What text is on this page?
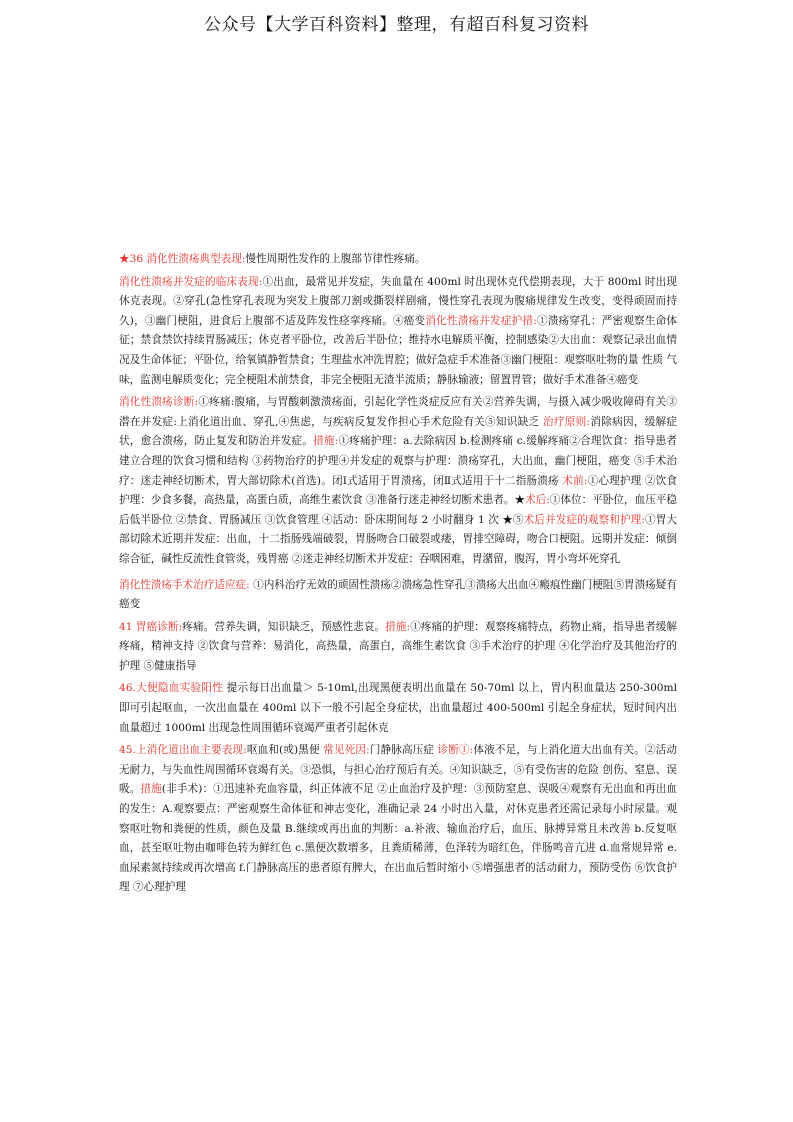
公众号【大学百科资料】整理，有超百科复习资料

★36 消化性溃疡典型表现:慢性周期性发作的上腹部节律性疼痛。

消化性溃疡并发症的临床表现:①出血，最常见并发症，失血量在 400ml 时出现休克代偿期表现，大于 800ml 时出现休克表现。②穿孔(急性穿孔表现为突发上腹部刀割或撕裂样剧痛，慢性穿孔表现为腹痛规律发生改变，变得顽固而持久)，③幽门梗阻，进食后上腹部不适及阵发性痉挛疼痛。④癌变消化性溃疡并发症护措:①溃疡穿孔：严密观察生命体征；禁食禁饮持续胃肠减压；休克者平卧位，改善后半卧位；维持水电解质平衡，控制感染②大出血：观察记录出血情况及生命体征；平卧位，给氧镇静暂禁食；生理盐水冲洗胃腔；做好急症手术准备③幽门梗阻：观察呕吐物的量 性质 气味，监测电解质变化；完全梗阻术前禁食，非完全梗阻无渣半流质；静脉输液；留置胃管；做好手术准备④癌变

消化性溃疡诊断:①疼痛:腹痛，与胃酸刺激溃疡面，引起化学性炎症反应有关②营养失调，与摄入减少吸收障碍有关③潜在并发症:上消化道出血、穿孔,④焦虑，与疾病反复发作担心手术危险有关⑤知识缺乏 治疗原则:消除病因，缓解症状，愈合溃疡，防止复发和防治并发症。措施:①疼痛护理：a.去除病因 b.检测疼痛 c.缓解疼痛②合理饮食：指导患者建立合理的饮食习惯和结构 ③药物治疗的护理④并发症的观察与护理：溃疡穿孔，大出血，幽门梗阻，癌变 ⑤手术治疗：迷走神经切断术，胃大部切除术(首选)。闭Ⅰ式适用于胃溃疡，闭Ⅱ式适用于十二指肠溃疡 术前:①心理护理 ②饮食护理：少食多餐，高热量，高蛋白质，高维生素饮食 ③准备行迷走神经切断术患者。★术后:①体位：平卧位，血压平稳后低半卧位 ②禁食、胃肠减压 ③饮食管理 ④活动：卧床期间每 2 小时翻身 1 次 ★⑤术后并发症的观察和护理:①胃大部切除术近期并发症：出血，十二指肠残端破裂，胃肠吻合口破裂或瘘，胃排空障碍，吻合口梗阻。远期并发症：倾倒综合征，碱性反流性食管炎，残胃癌 ②迷走神经切断术并发症：吞咽困难，胃潴留，腹泻，胃小弯坏死穿孔

消化性溃疡手术治疗适应症: ①内科治疗无效的顽固性溃疡②溃疡急性穿孔③溃疡大出血④瘢痕性幽门梗阻⑤胃溃疡疑有癌变

41 胃癌诊断:疼痛。营养失调，知识缺乏，预感性悲哀。措施:①疼痛的护理：观察疼痛特点，药物止痛，指导患者缓解疼痛，精神支持 ②饮食与营养：易消化，高热量，高蛋白，高维生素饮食 ③手术治疗的护理 ④化学治疗及其他治疗的护理 ⑤健康指导

46.大便隐血实验阳性 提示每日出血量＞ 5-10ml,出现黑便表明出血量在 50-70ml 以上，胃内积血量达 250-300ml 即可引起呕血，一次出血量在 400ml 以下一般不引起全身症状，出血量超过 400-500ml 引起全身症状，短时间内出血量超过 1000ml 出现急性周围循环衰竭严重者引起休克

45.上消化道出血主要表现:呕血和(或)黑便 常见死因:门静脉高压症 诊断①:体液不足，与上消化道大出血有关。②活动无耐力，与失血性周围循环衰竭有关。③恐惧，与担心治疗预后有关。④知识缺乏，⑤有受伤害的危险 创伤、窒息、误吸。措施(非手术)：①迅速补充血容量，纠正体液不足 ②止血治疗及护理：③预防窒息、误吸④观察有无出血和再出血的发生：A.观察要点：严密观察生命体征和神志变化，准确记录 24 小时出入量，对休克患者还需记录每小时尿量。观察呕吐物和粪便的性质，颜色及量 B.继续或再出血的判断：a.补液、输血治疗后，血压、脉搏异常且未改善 b.反复呕血，甚至呕吐物由咖啡色转为鲜红色 c.黑便次数增多，且粪质稀薄，色泽转为暗红色，伴肠鸣音亢进 d.血常规异常 e.血尿素氮持续或再次增高 f.门静脉高压的患者原有脾大，在出血后暂时缩小 ⑤增强患者的活动耐力，预防受伤 ⑥饮食护理 ⑦心理护理
